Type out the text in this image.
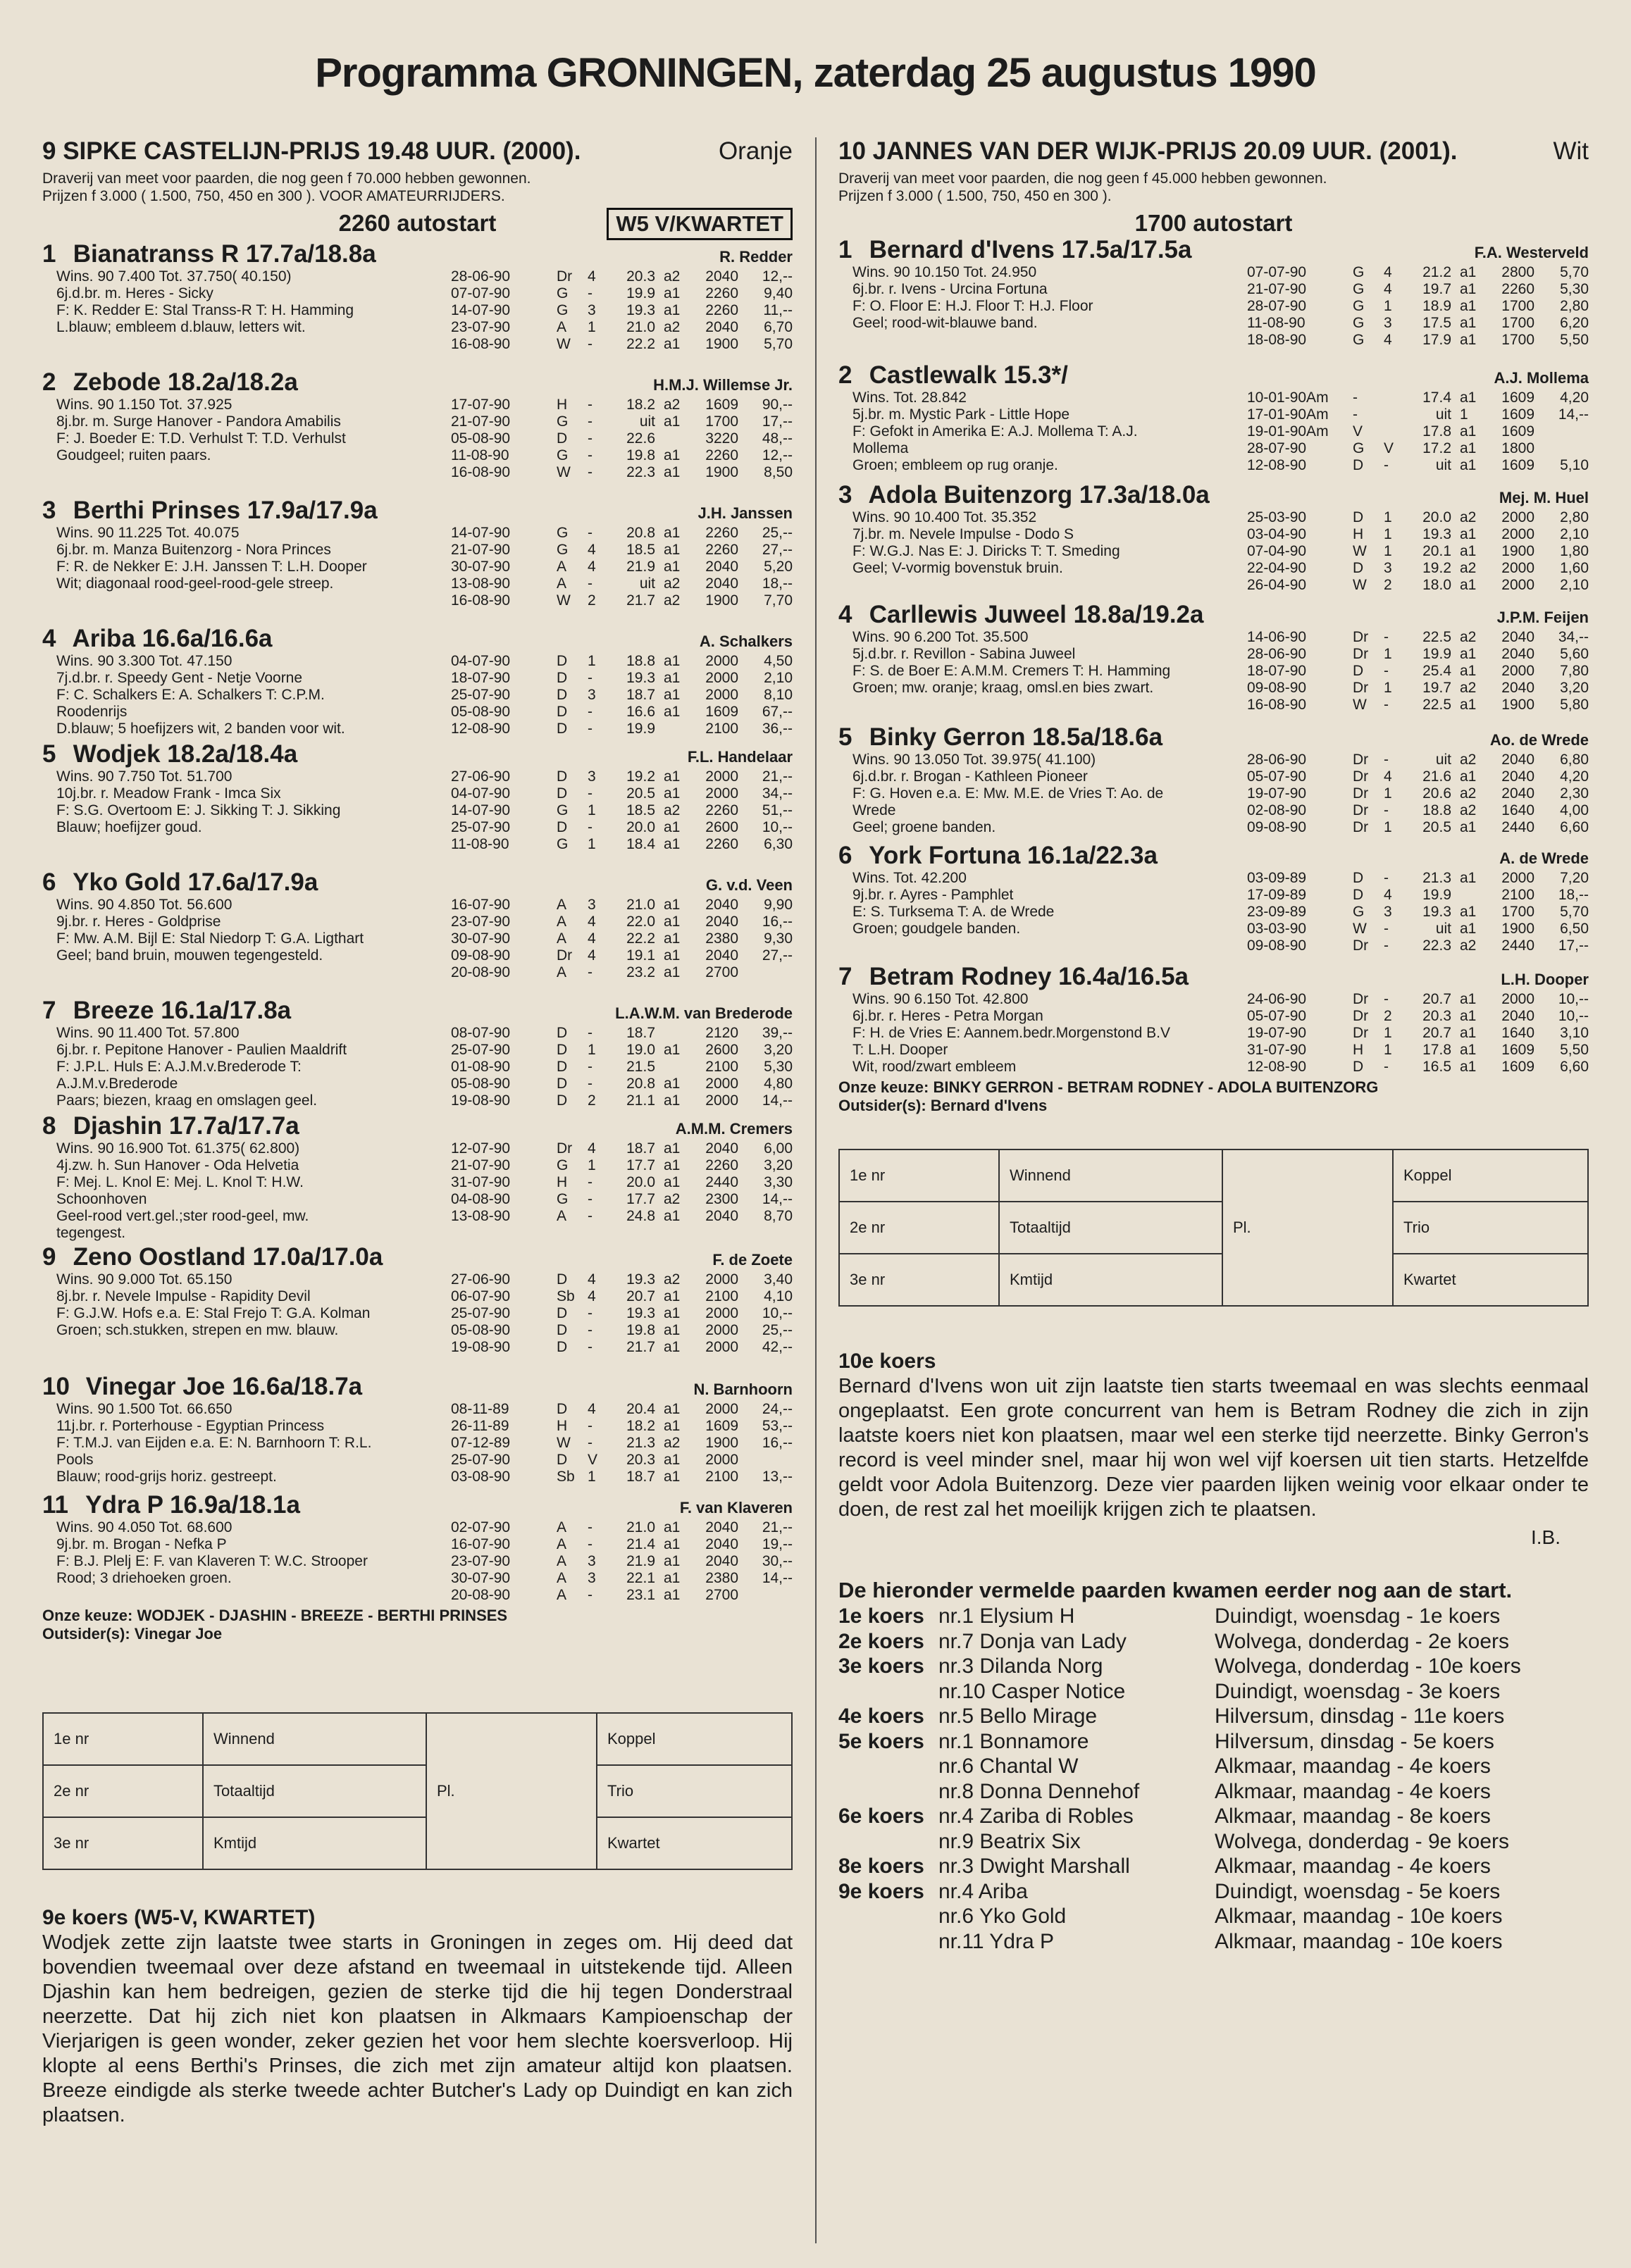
Programma GRONINGEN, zaterdag 25 augustus 1990
9 SIPKE CASTELIJN-PRIJS 19.48 UUR. (2000).	Oranje
Draverij van meet voor paarden, die nog geen f 70.000 hebben gewonnen.
Prijzen f 3.000 ( 1.500, 750, 450 en 300 ). VOOR AMATEURRIJDERS.
2260 autostart	W5 V/KWARTET
1 Bianatranss R 17.7a/18.8a	R. Redder
Wins. 90 7.400 Tot. 37.750( 40.150)
6j.d.br. m. Heres - Sicky
F: K. Redder E: Stal Transs-R T: H. Hamming
L.blauw; embleem d.blauw, letters wit.
28-06-90	Dr	4	20.3	a2	2040	12,--
07-07-90	G	-	19.9	a1	2260	9,40
14-07-90	G	3	19.3	a1	2260	11,--
23-07-90	A	1	21.0	a2	2040	6,70
16-08-90	W	-	22.2	a1	1900	5,70
2 Zebode 18.2a/18.2a	H.M.J. Willemse Jr.
Wins. 90 1.150 Tot. 37.925
8j.br. m. Surge Hanover - Pandora Amabilis
F: J. Boeder E: T.D. Verhulst T: T.D. Verhulst
Goudgeel; ruiten paars.
17-07-90	H	-	18.2	a2	1609	90,--
21-07-90	G	-	uit	a1	1700	17,--
05-08-90	D	-	22.6		3220	48,--
11-08-90	G	-	19.8	a1	2260	12,--
16-08-90	W	-	22.3	a1	1900	8,50
3 Berthi Prinses 17.9a/17.9a	J.H. Janssen
Wins. 90 11.225 Tot. 40.075
6j.br. m. Manza Buitenzorg - Nora Princes
F: R. de Nekker E: J.H. Janssen T: L.H. Dooper
Wit; diagonaal rood-geel-rood-gele streep.
14-07-90	G	-	20.8	a1	2260	25,--
21-07-90	G	4	18.5	a1	2260	27,--
30-07-90	A	4	21.9	a1	2040	5,20
13-08-90	A	-	uit	a2	2040	18,--
16-08-90	W	2	21.7	a2	1900	7,70
4 Ariba 16.6a/16.6a	A. Schalkers
Wins. 90 3.300 Tot. 47.150
7j.d.br. r. Speedy Gent - Netje Voorne
F: C. Schalkers E: A. Schalkers T: C.P.M.
Roodenrijs
D.blauw; 5 hoefijzers wit, 2 banden voor wit.
04-07-90	D	1	18.8	a1	2000	4,50
18-07-90	D	-	19.3	a1	2000	2,10
25-07-90	D	3	18.7	a1	2000	8,10
05-08-90	D	-	16.6	a1	1609	67,--
12-08-90	D	-	19.9		2100	36,--
5 Wodjek 18.2a/18.4a	F.L. Handelaar
Wins. 90 7.750 Tot. 51.700
10j.br. r. Meadow Frank - Imca Six
F: S.G. Overtoom E: J. Sikking T: J. Sikking
Blauw; hoefijzer goud.
27-06-90	D	3	19.2	a1	2000	21,--
04-07-90	D	-	20.5	a1	2000	34,--
14-07-90	G	1	18.5	a2	2260	51,--
25-07-90	D	-	20.0	a1	2600	10,--
11-08-90	G	1	18.4	a1	2260	6,30
6 Yko Gold 17.6a/17.9a	G. v.d. Veen
Wins. 90 4.850 Tot. 56.600
9j.br. r. Heres - Goldprise
F: Mw. A.M. Bijl E: Stal Niedorp T: G.A. Ligthart
Geel; band bruin, mouwen tegengesteld.
16-07-90	A	3	21.0	a1	2040	9,90
23-07-90	A	4	22.0	a1	2040	16,--
30-07-90	A	4	22.2	a1	2380	9,30
09-08-90	Dr	4	19.1	a1	2040	27,--
20-08-90	A	-	23.2	a1	2700	
7 Breeze 16.1a/17.8a	L.A.W.M. van Brederode
Wins. 90 11.400 Tot. 57.800
6j.br. r. Pepitone Hanover - Paulien Maaldrift
F: J.P.L. Huls E: A.J.M.v.Brederode T:
A.J.M.v.Brederode
Paars; biezen, kraag en omslagen geel.
08-07-90	D	-	18.7		2120	39,--
25-07-90	D	1	19.0	a1	2600	3,20
01-08-90	D	-	21.5		2100	5,30
05-08-90	D	-	20.8	a1	2000	4,80
19-08-90	D	2	21.1	a1	2000	14,--
8 Djashin 17.7a/17.7a	A.M.M. Cremers
Wins. 90 16.900 Tot. 61.375( 62.800)
4j.zw. h. Sun Hanover - Oda Helvetia
F: Mej. L. Knol E: Mej. L. Knol T: H.W.
Schoonhoven
Geel-rood vert.gel.;ster rood-geel, mw.
tegengest.
12-07-90	Dr	4	18.7	a1	2040	6,00
21-07-90	G	1	17.7	a1	2260	3,20
31-07-90	H	-	20.0	a1	2440	3,30
04-08-90	G	-	17.7	a2	2300	14,--
13-08-90	A	-	24.8	a1	2040	8,70
9 Zeno Oostland 17.0a/17.0a	F. de Zoete
Wins. 90 9.000 Tot. 65.150
8j.br. r. Nevele Impulse - Rapidity Devil
F: G.J.W. Hofs e.a. E: Stal Frejo T: G.A. Kolman
Groen; sch.stukken, strepen en mw. blauw.
27-06-90	D	4	19.3	a2	2000	3,40
06-07-90	Sb	4	20.7	a1	2100	4,10
25-07-90	D	-	19.3	a1	2000	10,--
05-08-90	D	-	19.8	a1	2000	25,--
19-08-90	D	-	21.7	a1	2000	42,--
10 Vinegar Joe 16.6a/18.7a	N. Barnhoorn
Wins. 90 1.500 Tot. 66.650
11j.br. r. Porterhouse - Egyptian Princess
F: T.M.J. van Eijden e.a. E: N. Barnhoorn T: R.L.
Pools
Blauw; rood-grijs horiz. gestreept.
08-11-89	D	4	20.4	a1	2000	24,--
26-11-89	H	-	18.2	a1	1609	53,--
07-12-89	W	-	21.3	a2	1900	16,--
25-07-90	D	V	20.3	a1	2000	
03-08-90	Sb	1	18.7	a1	2100	13,--
11 Ydra P 16.9a/18.1a	F. van Klaveren
Wins. 90 4.050 Tot. 68.600
9j.br. m. Brogan - Nefka P
F: B.J. Plelj E: F. van Klaveren T: W.C. Strooper
Rood; 3 driehoeken groen.
02-07-90	A	-	21.0	a1	2040	21,--
16-07-90	A	-	21.4	a1	2040	19,--
23-07-90	A	3	21.9	a1	2040	30,--
30-07-90	A	3	22.1	a1	2380	14,--
20-08-90	A	-	23.1	a1	2700	
Onze keuze: WODJEK - DJASHIN - BREEZE - BERTHI PRINSES
Outsider(s): Vinegar Joe
1e nr	Winnend	Pl.	Koppel
2e nr	Totaaltijd		Trio
3e nr	Kmtijd		Kwartet
9e koers (W5-V, KWARTET)
Wodjek zette zijn laatste twee starts in Groningen in zeges om. Hij deed dat bovendien tweemaal over deze afstand en tweemaal in uitstekende tijd. Alleen Djashin kan hem bedreigen, gezien de sterke tijd die hij tegen Donderstraal neerzette. Dat hij zich niet kon plaatsen in Alkmaars Kampioenschap der Vierjarigen is geen wonder, zeker gezien het voor hem slechte koersverloop. Hij klopte al eens Berthi's Prinses, die zich met zijn amateur altijd kon plaatsen. Breeze eindigde als sterke tweede achter Butcher's Lady op Duindigt en kan zich plaatsen.
10 JANNES VAN DER WIJK-PRIJS 20.09 UUR. (2001).	Wit
Draverij van meet voor paarden, die nog geen f 45.000 hebben gewonnen.
Prijzen f 3.000 ( 1.500, 750, 450 en 300 ).
1700 autostart
1 Bernard d'Ivens 17.5a/17.5a	F.A. Westerveld
Wins. 90 10.150 Tot. 24.950
6j.br. r. Ivens - Urcina Fortuna
F: O. Floor E: H.J. Floor T: H.J. Floor
Geel; rood-wit-blauwe band.
07-07-90	G	4	21.2	a1	2800	5,70
21-07-90	G	4	19.7	a1	2260	5,30
28-07-90	G	1	18.9	a1	1700	2,80
11-08-90	G	3	17.5	a1	1700	6,20
18-08-90	G	4	17.9	a1	1700	5,50
2 Castlewalk 15.3*/	A.J. Mollema
Wins. Tot. 28.842
5j.br. m. Mystic Park - Little Hope
F: Gefokt in Amerika E: A.J. Mollema T: A.J.
Mollema
Groen; embleem op rug oranje.
10-01-90Am	-		17.4	a1	1609	4,20
17-01-90Am	-		uit	1	1609	14,--
19-01-90Am	V		17.8	a1	1609	
28-07-90	G	V	17.2	a1	1800	
12-08-90	D	-	uit	a1	1609	5,10
3 Adola Buitenzorg 17.3a/18.0a	Mej. M. Huel
Wins. 90 10.400 Tot. 35.352
7j.br. m. Nevele Impulse - Dodo S
F: W.G.J. Nas E: J. Diricks T: T. Smeding
Geel; V-vormig bovenstuk bruin.
25-03-90	D	1	20.0	a2	2000	2,80
03-04-90	H	1	19.3	a1	2000	2,10
07-04-90	W	1	20.1	a1	1900	1,80
22-04-90	D	3	19.2	a2	2000	1,60
26-04-90	W	2	18.0	a1	2000	2,10
4 Carllewis Juweel 18.8a/19.2a	J.P.M. Feijen
Wins. 90 6.200 Tot. 35.500
5j.d.br. r. Revillon - Sabina Juweel
F: S. de Boer E: A.M.M. Cremers T: H. Hamming
Groen; mw. oranje; kraag, omsl.en bies zwart.
14-06-90	Dr	-	22.5	a2	2040	34,--
28-06-90	Dr	1	19.9	a1	2040	5,60
18-07-90	D	-	25.4	a1	2000	7,80
09-08-90	Dr	1	19.7	a2	2040	3,20
16-08-90	W	-	22.5	a1	1900	5,80
5 Binky Gerron 18.5a/18.6a	Ao. de Wrede
Wins. 90 13.050 Tot. 39.975( 41.100)
6j.d.br. r. Brogan - Kathleen Pioneer
F: G. Hoven e.a. E: Mw. M.E. de Vries T: Ao. de
Wrede
Geel; groene banden.
28-06-90	Dr	-	uit	a2	2040	6,80
05-07-90	Dr	4	21.6	a1	2040	4,20
19-07-90	Dr	1	20.6	a2	2040	2,30
02-08-90	Dr	-	18.8	a2	1640	4,00
09-08-90	Dr	1	20.5	a1	2440	6,60
6 York Fortuna 16.1a/22.3a	A. de Wrede
Wins. Tot. 42.200
9j.br. r. Ayres - Pamphlet
E: S. Turksema T: A. de Wrede
Groen; goudgele banden.
03-09-89	D	-	21.3	a1	2000	7,20
17-09-89	D	4	19.9		2100	18,--
23-09-89	G	3	19.3	a1	1700	5,70
03-03-90	W	-	uit	a1	1900	6,50
09-08-90	Dr	-	22.3	a2	2440	17,--
7 Betram Rodney 16.4a/16.5a	L.H. Dooper
Wins. 90 6.150 Tot. 42.800
6j.br. r. Heres - Petra Morgan
F: H. de Vries E: Aannem.bedr.Morgenstond B.V
T: L.H. Dooper
Wit, rood/zwart embleem
24-06-90	Dr	-	20.7	a1	2000	10,--
05-07-90	Dr	2	20.3	a1	2040	10,--
19-07-90	Dr	1	20.7	a1	1640	3,10
31-07-90	H	1	17.8	a1	1609	5,50
12-08-90	D	-	16.5	a1	1609	6,60
Onze keuze: BINKY GERRON - BETRAM RODNEY - ADOLA BUITENZORG
Outsider(s): Bernard d'Ivens
1e nr	Winnend	Pl.	Koppel
2e nr	Totaaltijd		Trio
3e nr	Kmtijd		Kwartet
10e koers
Bernard d'Ivens won uit zijn laatste tien starts tweemaal en was slechts eenmaal ongeplaatst. Een grote concurrent van hem is Betram Rodney die zich in zijn laatste koers niet kon plaatsen, maar wel een sterke tijd neerzette. Binky Gerron's record is veel minder snel, maar hij won wel vijf koersen uit tien starts. Hetzelfde geldt voor Adola Buitenzorg. Deze vier paarden lijken weinig voor elkaar onder te doen, de rest zal het moeilijk krijgen zich te plaatsen.
I.B.
De hieronder vermelde paarden kwamen eerder nog aan de start.
1e koers nr.1 Elysium H	Duindigt, woensdag - 1e koers
2e koers nr.7 Donja van Lady	Wolvega, donderdag - 2e koers
3e koers nr.3 Dilanda Norg	Wolvega, donderdag - 10e koers
nr.10 Casper Notice	Duindigt, woensdag - 3e koers
4e koers nr.5 Bello Mirage	Hilversum, dinsdag - 11e koers
5e koers nr.1 Bonnamore	Hilversum, dinsdag - 5e koers
nr.6 Chantal W	Alkmaar, maandag - 4e koers
nr.8 Donna Dennehof	Alkmaar, maandag - 4e koers
6e koers nr.4 Zariba di Robles	Alkmaar, maandag - 8e koers
nr.9 Beatrix Six	Wolvega, donderdag - 9e koers
8e koers nr.3 Dwight Marshall	Alkmaar, maandag - 4e koers
9e koers nr.4 Ariba	Duindigt, woensdag - 5e koers
nr.6 Yko Gold	Alkmaar, maandag - 10e koers
nr.11 Ydra P	Alkmaar, maandag - 10e koers
